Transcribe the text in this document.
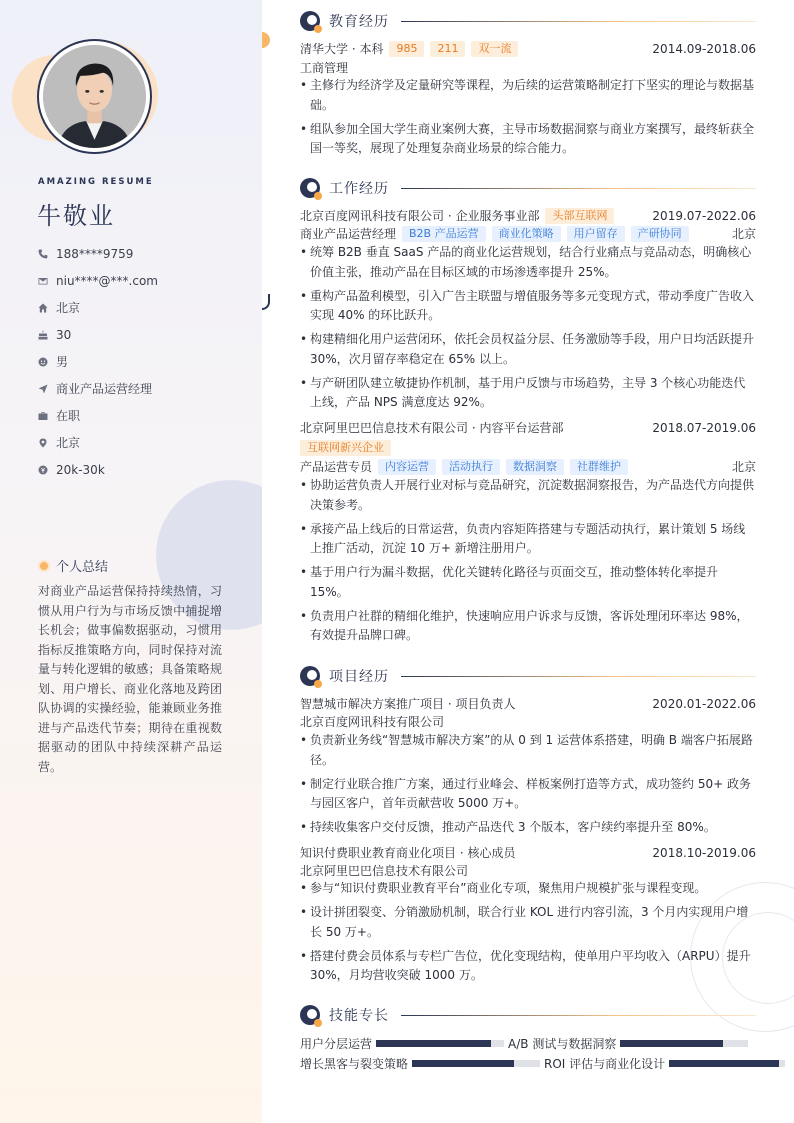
AMAZING RESUME
牛敬业
188****9759
niu****@***.com
北京
30
男
商业产品运营经理
在职
北京
20k-30k
个人总结

对商业产品运营保持持续热情，习惯从用户行为与市场反馈中捕捉增长机会；做事偏数据驱动，习惯用指标反推策略方向，同时保持对流量与转化逻辑的敏感；具备策略规划、用户增长、商业化落地及跨团队协调的实操经验，能兼顾业务推进与产品迭代节奏；期待在重视数据驱动的团队中持续深耕产品运营。

教育经历
清华大学 · 本科	985	211	双一流	2014.09-2018.06
工商管理
• 主修行为经济学及定量研究等课程，为后续的运营策略制定打下坚实的理论与数据基础。
• 组队参加全国大学生商业案例大赛，主导市场数据洞察与商业方案撰写，最终斩获全国一等奖，展现了处理复杂商业场景的综合能力。
工作经历
北京百度网讯科技有限公司 · 企业服务事业部	头部互联网	2019.07-2022.06
商业产品运营经理	B2B 产品运营	商业化策略	用户留存	产研协同	北京
• 统筹 B2B 垂直 SaaS 产品的商业化运营规划，结合行业痛点与竞品动态，明确核心价值主张，推动产品在目标区域的市场渗透率提升 25%。
• 重构产品盈利模型，引入广告主联盟与增值服务等多元变现方式，带动季度广告收入实现 40% 的环比跃升。
• 构建精细化用户运营闭环，依托会员权益分层、任务激励等手段，用户日均活跃提升 30%，次月留存率稳定在 65% 以上。
• 与产研团队建立敏捷协作机制，基于用户反馈与市场趋势，主导 3 个核心功能迭代上线，产品 NPS 满意度达 92%。
北京阿里巴巴信息技术有限公司 · 内容平台运营部	2018.07-2019.06
互联网新兴企业
产品运营专员	内容运营	活动执行	数据洞察	社群维护	北京
• 协助运营负责人开展行业对标与竞品研究，沉淀数据洞察报告，为产品迭代方向提供决策参考。
• 承接产品上线后的日常运营，负责内容矩阵搭建与专题活动执行，累计策划 5 场线上推广活动，沉淀 10 万+ 新增注册用户。
• 基于用户行为漏斗数据，优化关键转化路径与页面交互，推动整体转化率提升 15%。
• 负责用户社群的精细化维护，快速响应用户诉求与反馈，客诉处理闭环率达 98%，有效提升品牌口碑。
项目经历
智慧城市解决方案推广项目 · 项目负责人	2020.01-2022.06
北京百度网讯科技有限公司
• 负责新业务线“智慧城市解决方案”的从 0 到 1 运营体系搭建，明确 B 端客户拓展路径。
• 制定行业联合推广方案，通过行业峰会、样板案例打造等方式，成功签约 50+ 政务与园区客户，首年贡献营收 5000 万+。
• 持续收集客户交付反馈，推动产品迭代 3 个版本，客户续约率提升至 80%。
知识付费职业教育商业化项目 · 核心成员	2018.10-2019.06
北京阿里巴巴信息技术有限公司
• 参与“知识付费职业教育平台”商业化专项，聚焦用户规模扩张与课程变现。
• 设计拼团裂变、分销激励机制，联合行业 KOL 进行内容引流，3 个月内实现用户增长 50 万+。
• 搭建付费会员体系与专栏广告位，优化变现结构，使单用户平均收入（ARPU）提升 30%，月均营收突破 1000 万。
技能专长
用户分层运营	A/B 测试与数据洞察
增长黑客与裂变策略	ROI 评估与商业化设计
